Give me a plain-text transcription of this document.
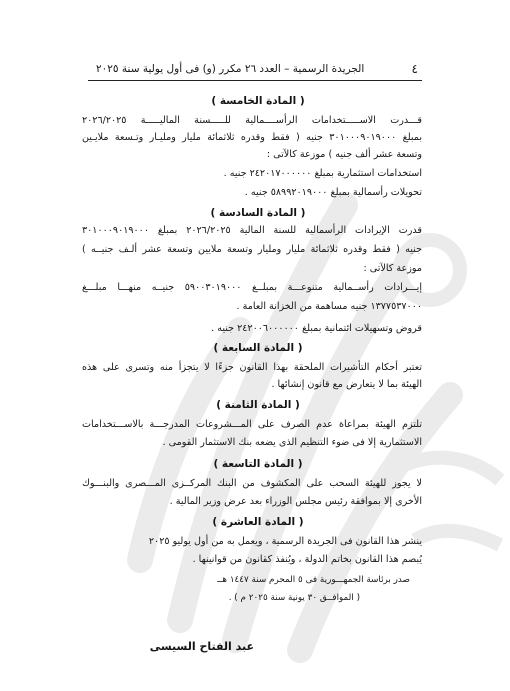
٤
الجريدة الرسمية – العدد ٢٦ مكرر (و) فى أول يولية سنة ٢٠٢٥
( المادة الخامسة )
قـــدرت الاســـــتخدامات الرأســــمالية للـــــسنة الماليـــــة ٢٠٢٦/٢٠٢٥
بمبلغ ٣٠١٠٠٠٩٠١٩٠٠٠ جنيه ( فقط وقدره ثلاثمائة مليار ومليـار وتـسعة ملايـين
وتسعة عشر ألف جنيه ) موزعة كالآتى :
استخدامات استثمارية بمبلغ ٢٤٢٠١٧٠٠٠٠٠٠ جنيه .
تحويلات رأسمالية بمبلغ ٥٨٩٩٢٠١٩٠٠٠ جنيه .
( المادة السادسة )
قدرت الإيرادات الرأسمالية للسنة المالية ٢٠٢٦/٢٠٢٥ بمبلغ ٣٠١٠٠٠٩٠١٩٠٠٠
جنيه ( فقط وقدره ثلاثمائة مليار ومليار وتسعة ملايين وتسعة عشر ألـف جنيــه )
موزعة كالآتى :
إيـــرادات رأســمالية متنوعـــة بمبلــغ ٥٩٠٠٣٠١٩٠٠٠ جنيــه منهـــا مبلـــغ
١٣٧٧٥٣٧٠٠٠ جنيه مساهمة من الخزانة العامة .
قروض وتسهيلات ائتمانية بمبلغ ٢٤٢٠٠٦٠٠٠٠٠٠ جنيه .
( المادة السابعة )
تعتبر أحكام التأشيرات الملحقة بهذا القانون جزءًا لا يتجزأ منه وتسرى على هذه
الهيئة بما لا يتعارض مع قانون إنشائها .
( المادة الثامنة )
تلتزم الهيئة بمراعاة عدم الصرف على المـــشروعات المدرجـــة بالاســـتخدامات
الاستثمارية إلا فى ضوء التنظيم الذى يضعه بنك الاستثمار القومى .
( المادة التاسعة )
لا يجوز للهيئة السحب على المكشوف من البنك المركــزى المـــصرى والبنـــوك
الأخرى إلا بموافقة رئيس مجلس الوزراء بعد عرض وزير المالية .
( المادة العاشرة )
ينشر هذا القانون فى الجريدة الرسمية ، ويعمل به من أول يوليو ٢٠٢٥
يُبصم هذا القانون بخاتم الدولة ، ويُنفذ كقانون من قوانينها .
صدر برئاسة الجمهـــورية فى ٥ المحرم سنة ١٤٤٧ هــ
( الموافــق ٣٠ يونية سنة ٢٠٢٥ م ) .
عبد الفتاح السيسى
